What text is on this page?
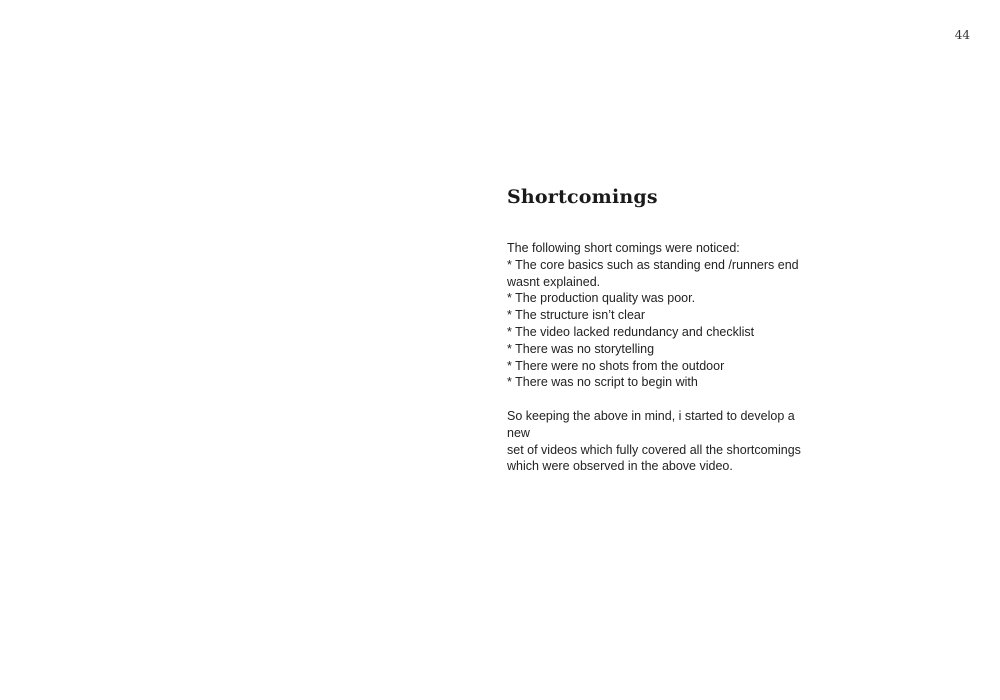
44
Shortcomings
The following short comings were noticed:
* The core basics such as standing end /runners end
wasnt explained.
* The production quality was poor.
* The structure isn’t clear
* The video lacked redundancy and checklist
* There was no storytelling
* There were no shots from the outdoor
* There was no script to begin with
So keeping the above in mind, i started to develop a new
set of videos which fully covered all the shortcomings
which were observed in the above video.
